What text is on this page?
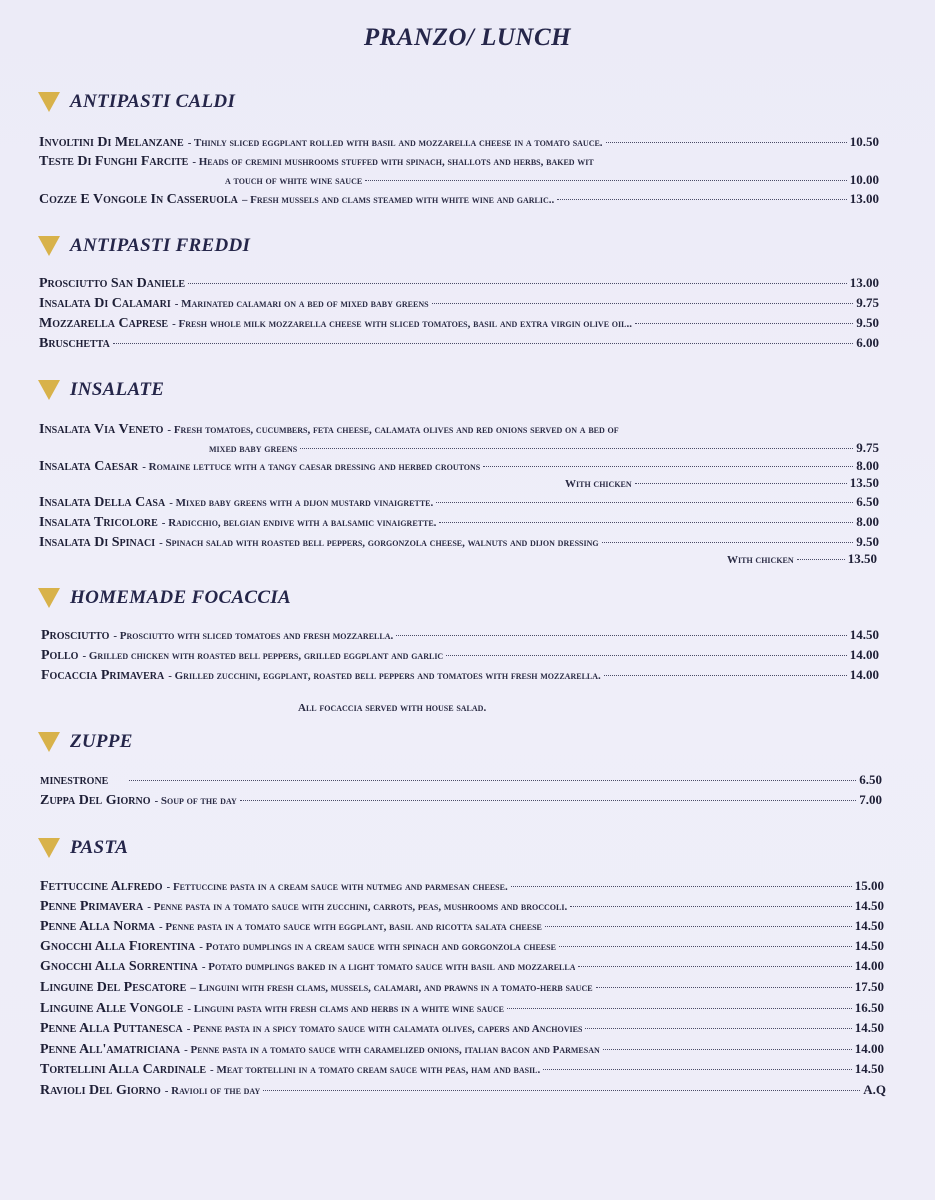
PRANZO/ LUNCH
ANTIPASTI CALDI
Involtini Di Melanzane - Thinly sliced eggplant rolled with basil and mozzarella cheese in a tomato sauce.	10.50
Teste Di Funghi Farcite - Heads of cremini mushrooms stuffed with spinach, shallots and herbs, baked wit
a touch of white wine sauce	10.00
Cozze E Vongole In Casseruola – Fresh mussels and clams steamed with white wine and garlic..	13.00
ANTIPASTI FREDDI
Prosciutto San Daniele	13.00
Insalata Di Calamari - Marinated calamari on a bed of mixed baby greens	9.75
Mozzarella Caprese - Fresh whole milk mozzarella cheese with sliced tomatoes, basil and extra virgin olive oil..	9.50
Bruschetta	6.00
INSALATE
Insalata Via Veneto - Fresh tomatoes, cucumbers, feta cheese, calamata olives and red onions served on a bed of
mixed baby greens	9.75
Insalata Caesar - Romaine lettuce with a tangy caesar dressing and herbed croutons	8.00
With chicken	13.50
Insalata Della Casa - Mixed baby greens with a dijon mustard vinaigrette.	6.50
Insalata Tricolore - Radicchio, belgian endive with a balsamic vinaigrette.	8.00
Insalata Di Spinaci - Spinach salad with roasted bell peppers, gorgonzola cheese, walnuts and dijon dressing	9.50
With chicken	13.50
HOMEMADE FOCACCIA
Prosciutto - Prosciutto with sliced tomatoes and fresh mozzarella.	14.50
Pollo - Grilled chicken with roasted bell peppers, grilled eggplant and garlic	14.00
Focaccia Primavera - Grilled zucchini, eggplant, roasted bell peppers and tomatoes with fresh mozzarella.	14.00
All focaccia served with house salad.
ZUPPE
minestrone	6.50
Zuppa Del Giorno - Soup of the day	7.00
PASTA
Fettuccine Alfredo - Fettuccine pasta in a cream sauce with nutmeg and parmesan cheese.	15.00
Penne Primavera - Penne pasta in a tomato sauce with zucchini, carrots, peas, mushrooms and broccoli.	14.50
Penne Alla Norma - Penne pasta in a tomato sauce with eggplant, basil and ricotta salata cheese	14.50
Gnocchi Alla Fiorentina - Potato dumplings in a cream sauce with spinach and gorgonzola cheese	14.50
Gnocchi Alla Sorrentina - Potato dumplings baked in a light tomato sauce with basil and mozzarella	14.00
Linguine Del Pescatore – Linguini with fresh clams, mussels, calamari, and prawns in a tomato-herb sauce	17.50
Linguine Alle Vongole - Linguini pasta with fresh clams and herbs in a white wine sauce	16.50
Penne Alla Puttanesca - Penne pasta in a spicy tomato sauce with calamata olives, capers and Anchovies	14.50
Penne All'amatriciana - Penne pasta in a tomato sauce with caramelized onions, italian bacon and Parmesan	14.00
Tortellini Alla Cardinale - Meat tortellini in a tomato cream sauce with peas, ham and basil.	14.50
Ravioli Del Giorno - Ravioli of the day	A.Q
